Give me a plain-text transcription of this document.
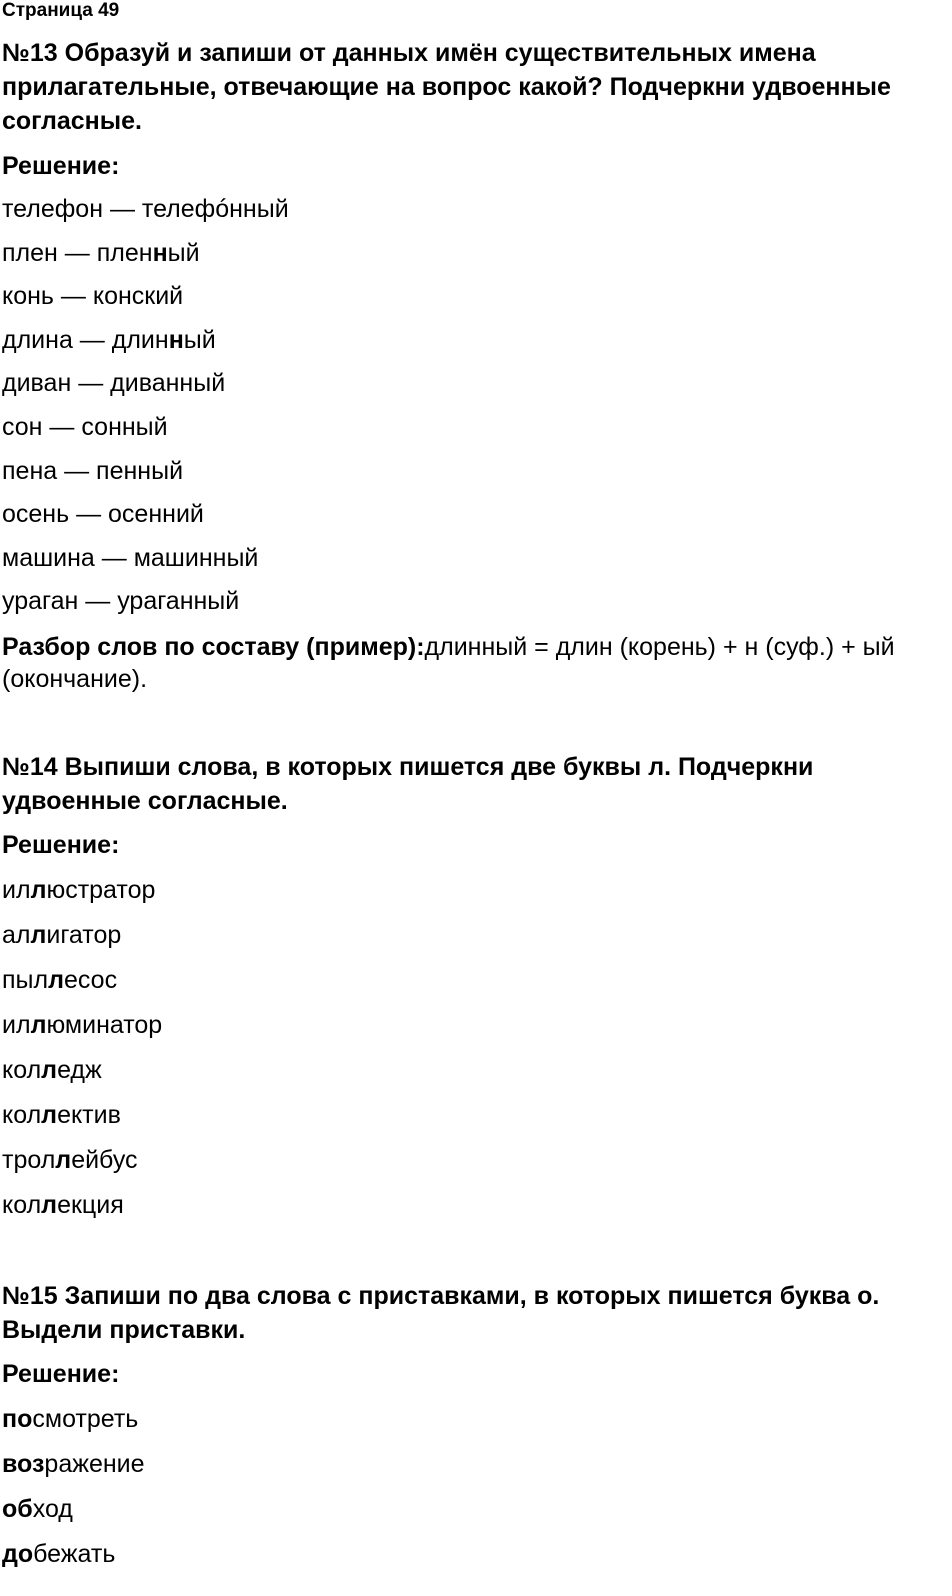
Страница 49
№13 Образуй и запиши от данных имён существительных имена прилагательные, отвечающие на вопрос какой? Подчеркни удвоенные согласные.
Решение:
телефон — телефóнный
плен — пленный
конь — конский
длина — длинный
диван — диванный
сон — сонный
пена — пенный
осень — осенний
машина — машинный
ураган — ураганный
Разбор слов по составу (пример):длинный = длин (корень) + н (суф.) + ый (окончание).
№14 Выпиши слова, в которых пишется две буквы л. Подчеркни удвоенные согласные.
Решение:
иллюстратор
аллигатор
пыллесос
иллюминатор
колледж
коллектив
троллейбус
коллекция
№15 Запиши по два слова с приставками, в которых пишется буква о. Выдели приставки.
Решение:
посмотреть
возражение
обход
добежать
